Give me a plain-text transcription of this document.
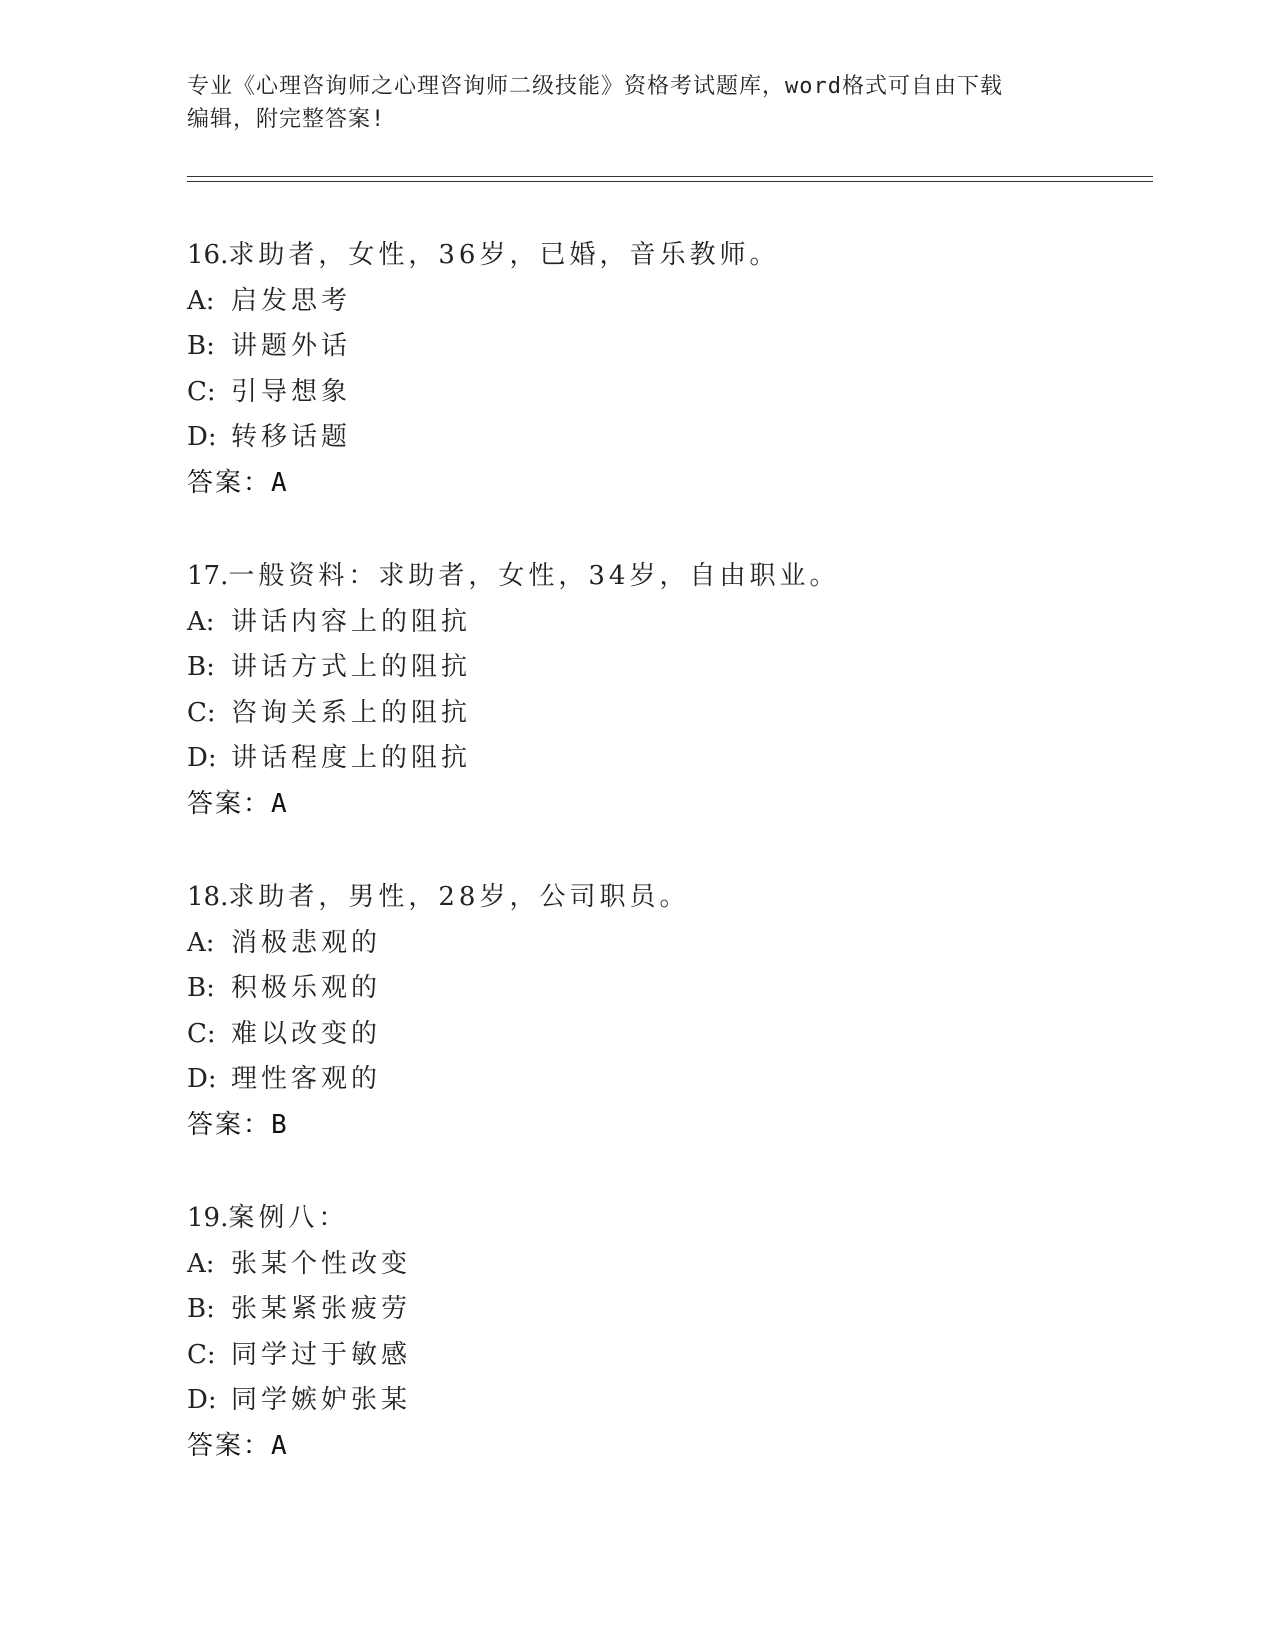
专业《心理咨询师之心理咨询师二级技能》资格考试题库，word格式可自由下载
编辑，附完整答案!
16.求助者，女性，36岁，已婚，音乐教师。
A: 启发思考
B: 讲题外话
C: 引导想象
D: 转移话题
答案：A
17.一般资料：求助者，女性，34岁，自由职业。
A: 讲话内容上的阻抗
B: 讲话方式上的阻抗
C: 咨询关系上的阻抗
D: 讲话程度上的阻抗
答案：A
18.求助者，男性，28岁，公司职员。
A: 消极悲观的
B: 积极乐观的
C: 难以改变的
D: 理性客观的
答案：B
19.案例八：
A: 张某个性改变
B: 张某紧张疲劳
C: 同学过于敏感
D: 同学嫉妒张某
答案：A
